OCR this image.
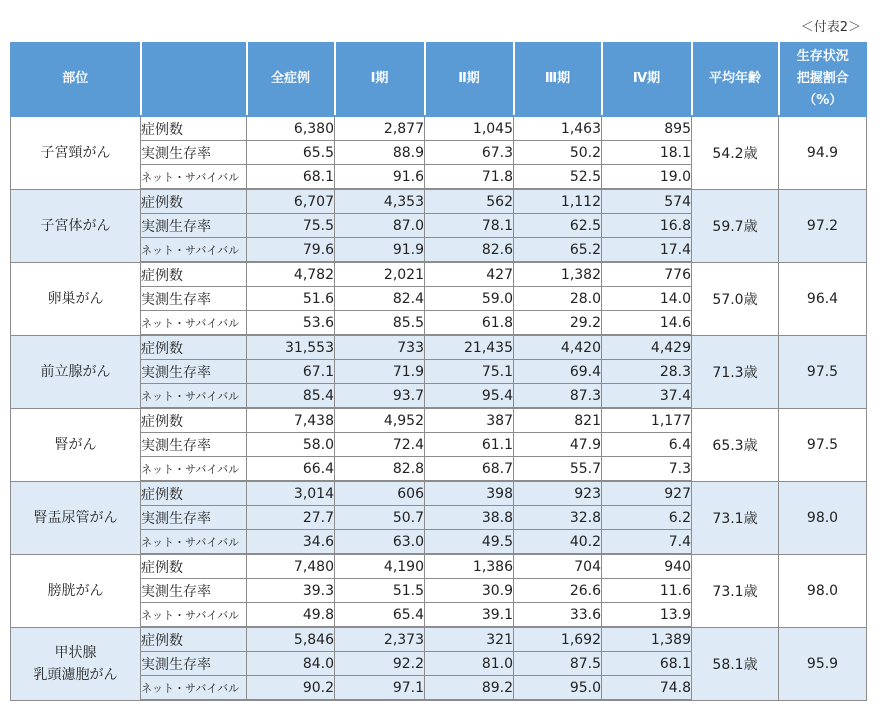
＜付表2＞
部位		全症例	Ⅰ期	Ⅱ期	Ⅲ期	Ⅳ期	平均年齢	生存状況
把握割合
（%）

子宮頸がん	症例数	6,380	2,877	1,045	1,463	895	54.2歳	94.9
	実測生存率	65.5	88.9	67.3	50.2	18.1		
	ネット・サバイバル	68.1	91.6	71.8	52.5	19.0		

子宮体がん	症例数	6,707	4,353	562	1,112	574	59.7歳	97.2
	実測生存率	75.5	87.0	78.1	62.5	16.8		
	ネット・サバイバル	79.6	91.9	82.6	65.2	17.4		

卵巣がん	症例数	4,782	2,021	427	1,382	776	57.0歳	96.4
	実測生存率	51.6	82.4	59.0	28.0	14.0		
	ネット・サバイバル	53.6	85.5	61.8	29.2	14.6		

前立腺がん	症例数	31,553	733	21,435	4,420	4,429	71.3歳	97.5
	実測生存率	67.1	71.9	75.1	69.4	28.3		
	ネット・サバイバル	85.4	93.7	95.4	87.3	37.4		

腎がん	症例数	7,438	4,952	387	821	1,177	65.3歳	97.5
	実測生存率	58.0	72.4	61.1	47.9	6.4		
	ネット・サバイバル	66.4	82.8	68.7	55.7	7.3		

腎盂尿管がん	症例数	3,014	606	398	923	927	73.1歳	98.0
	実測生存率	27.7	50.7	38.8	32.8	6.2		
	ネット・サバイバル	34.6	63.0	49.5	40.2	7.4		

膀胱がん	症例数	7,480	4,190	1,386	704	940	73.1歳	98.0
	実測生存率	39.3	51.5	30.9	26.6	11.6		
	ネット・サバイバル	49.8	65.4	39.1	33.6	13.9		

甲状腺
乳頭濾胞がん	症例数	5,846	2,373	321	1,692	1,389	58.1歳	95.9
	実測生存率	84.0	92.2	81.0	87.5	68.1		
	ネット・サバイバル	90.2	97.1	89.2	95.0	74.8		
